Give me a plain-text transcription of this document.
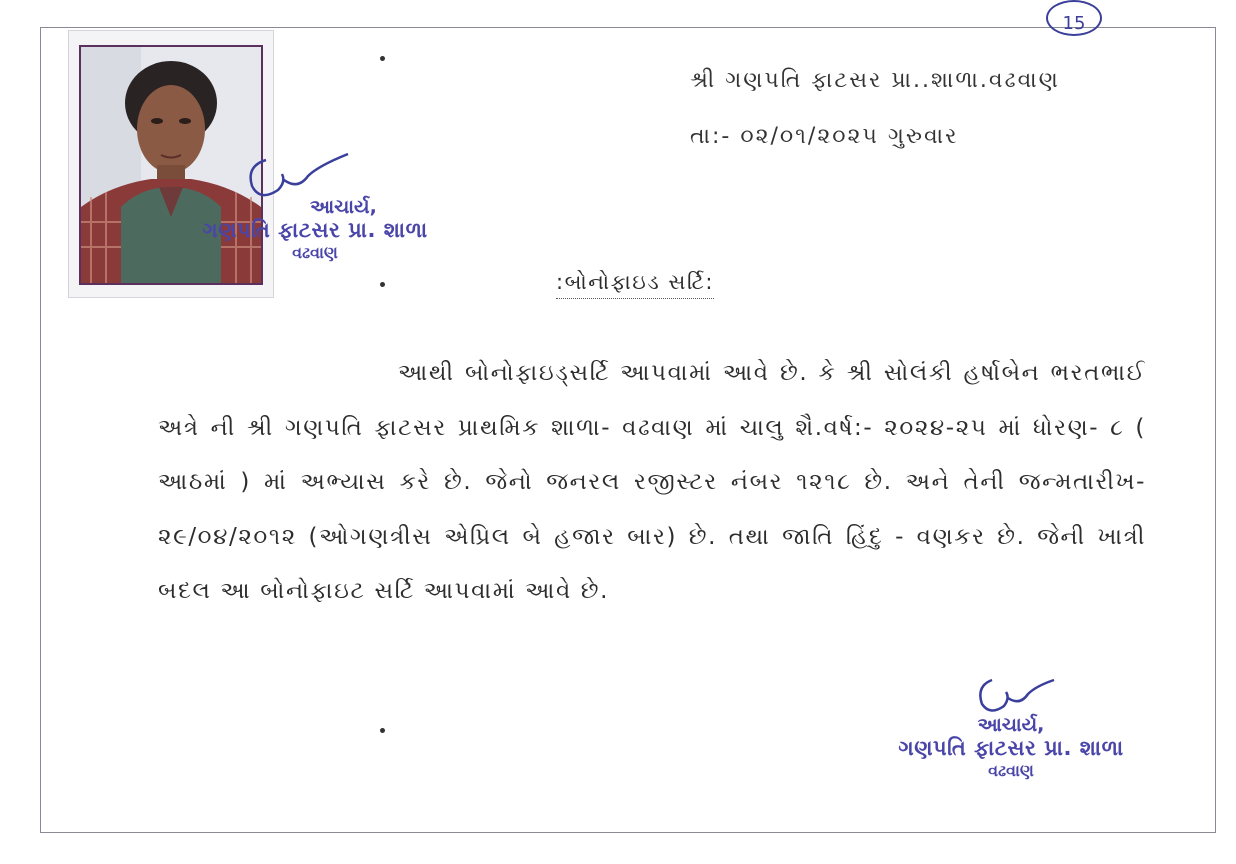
15
આચાર્ય,
ગણપતિ ફાટસર પ્રા. શાળા
વઢવાણ
શ્રી ગણપતિ ફાટસર પ્રા..શાળા.વઢવાણ
તા:- ૦૨/૦૧/૨૦૨૫ ગુરુવાર
:બોનોફાઇડ સર્ટિ:
આથી બોનોફાઇડ્સર્ટિ આપવામાં આવે છે. કે શ્રી સોલંકી હર્ષાબેન ભરતભાઈ અત્રે ની શ્રી ગણપતિ ફાટસર પ્રાથમિક શાળા- વઢવાણ માં ચાલુ શૈ.વર્ષ:- ૨૦૨૪-૨૫ માં ધોરણ- ૮ ( આઠમાં ) માં અભ્યાસ કરે છે. જેનો જનરલ રજીસ્ટર નંબર ૧૨૧૮ છે. અને તેની જન્મતારીખ- ૨૯/૦૪/૨૦૧૨ (ઓગણત્રીસ એપ્રિલ બે હજાર બાર) છે. તથા જાતિ હિંદુ - વણકર છે. જેની ખાત્રી બદલ આ બોનોફાઇટ સર્ટિ આપવામાં આવે છે.
આચાર્ય,
ગણપતિ ફાટસર પ્રા. શાળા
વઢવાણ
